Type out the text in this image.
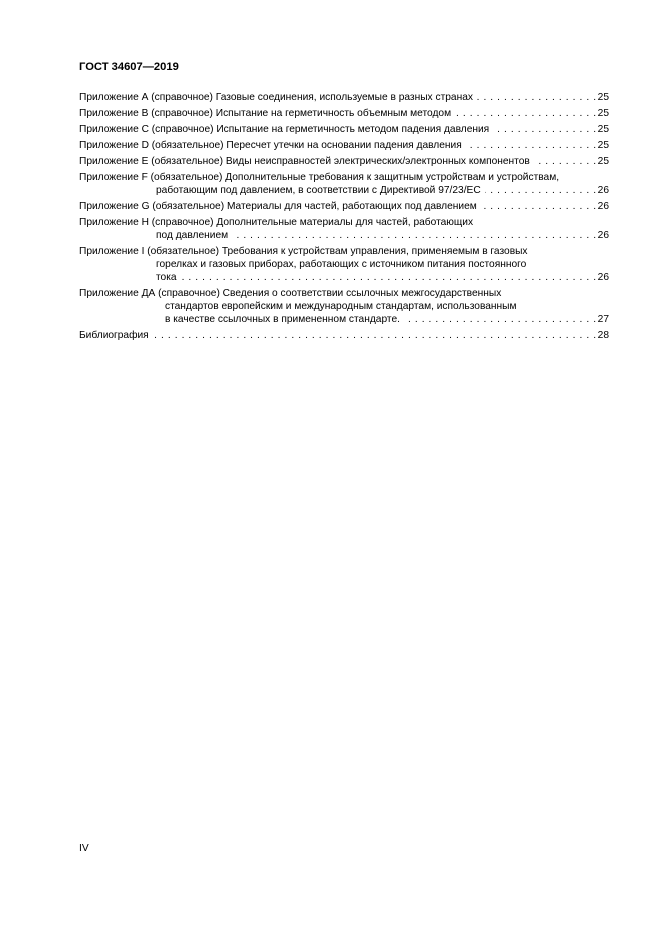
ГОСТ 34607—2019
Приложение А (справочное) Газовые соединения, используемые в разных странах . . .	25
Приложение B (справочное) Испытание на герметичность объемным методом . . .	25
Приложение C (справочное) Испытание на герметичность методом падения давления . . .	25
Приложение D (обязательное) Пересчет утечки на основании падения давления . . .	25
Приложение E (обязательное) Виды неисправностей электрических/электронных компонентов . . .	25
Приложение F (обязательное) Дополнительные требования к защитным устройствам и устройствам,
работающим под давлением, в соответствии с Директивой 97/23/EC . . .	26
Приложение G (обязательное) Материалы для частей, работающих под давлением . . .	26
Приложение H (справочное) Дополнительные материалы для частей, работающих
под давлением . . .	26
Приложение I (обязательное) Требования к устройствам управления, применяемым в газовых
горелках и газовых приборах, работающих с источником питания постоянного
тока . . .	26
Приложение ДА (справочное) Сведения о соответствии ссылочных межгосударственных
стандартов европейским и международным стандартам, использованным
в качестве ссылочных в примененном стандарте. . . .	27
Библиография . . .	28
IV
